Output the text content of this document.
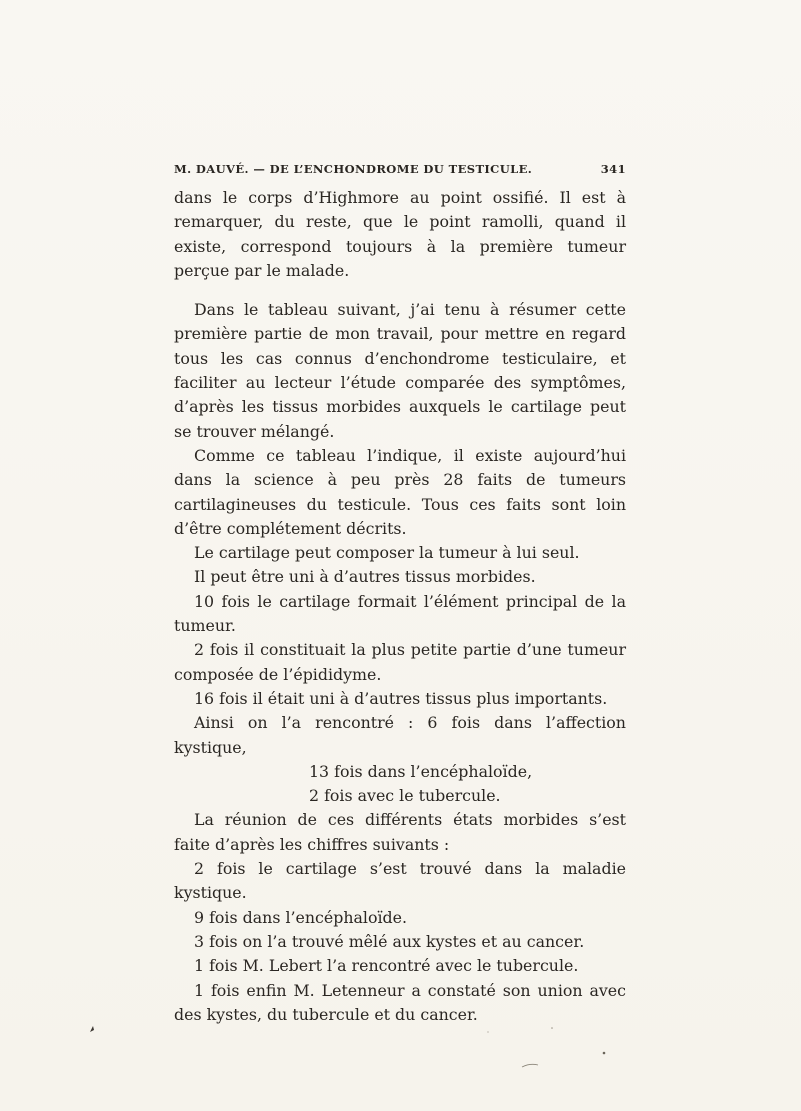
M. DAUVÉ. — DE L’ENCHONDROME DU TESTICULE.	341

dans le corps d’Highmore au point ossifié. Il est à remarquer, du reste, que le point ramolli, quand il existe, correspond toujours à la première tumeur perçue par le malade.

Dans le tableau suivant, j’ai tenu à résumer cette première partie de mon travail, pour mettre en regard tous les cas connus d’enchondrome testiculaire, et faciliter au lecteur l’étude comparée des symptômes, d’après les tissus morbides auxquels le cartilage peut se trouver mélangé.

Comme ce tableau l’indique, il existe aujourd’hui dans la science à peu près 28 faits de tumeurs cartilagineuses du testicule. Tous ces faits sont loin d’être complétement décrits.

Le cartilage peut composer la tumeur à lui seul.

Il peut être uni à d’autres tissus morbides.

10 fois le cartilage formait l’élément principal de la tumeur.

2 fois il constituait la plus petite partie d’une tumeur composée de l’épididyme.

16 fois il était uni à d’autres tissus plus importants.

Ainsi on l’a rencontré : 6 fois dans l’affection kystique,

13 fois dans l’encéphaloïde,

2 fois avec le tubercule.

La réunion de ces différents états morbides s’est faite d’après les chiffres suivants :

2 fois le cartilage s’est trouvé dans la maladie kystique.

9 fois dans l’encéphaloïde.

3 fois on l’a trouvé mêlé aux kystes et au cancer.

1 fois M. Lebert l’a rencontré avec le tubercule.

1 fois enfin M. Letenneur a constaté son union avec des kystes, du tubercule et du cancer.
